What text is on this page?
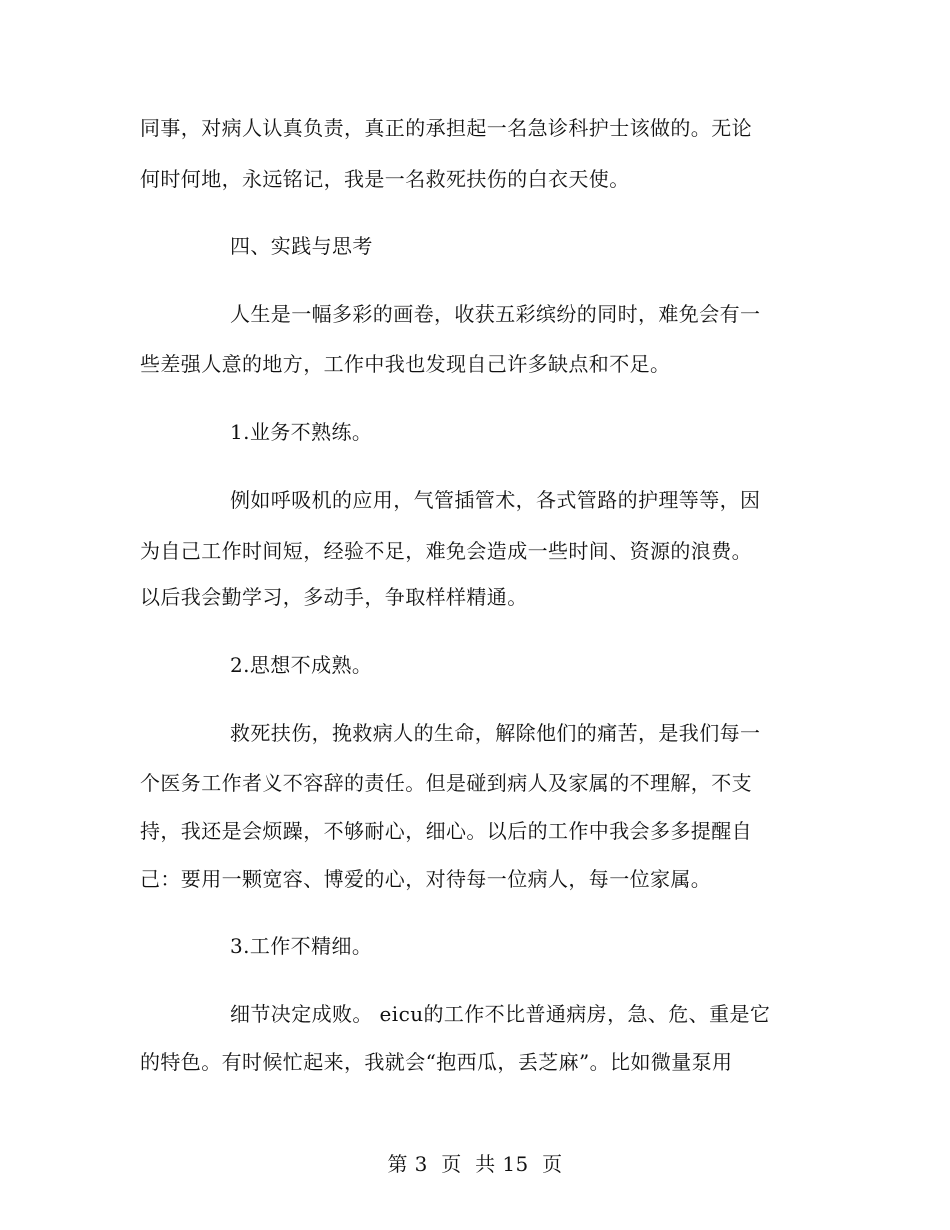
同事，对病人认真负责，真正的承担起一名急诊科护士该做的。无论
何时何地，永远铭记，我是一名救死扶伤的白衣天使。
四、实践与思考
人生是一幅多彩的画卷，收获五彩缤纷的同时，难免会有一
些差强人意的地方，工作中我也发现自己许多缺点和不足。
1.业务不熟练。
例如呼吸机的应用，气管插管术，各式管路的护理等等，因
为自己工作时间短，经验不足，难免会造成一些时间、资源的浪费。
以后我会勤学习，多动手，争取样样精通。
2.思想不成熟。
救死扶伤，挽救病人的生命，解除他们的痛苦，是我们每一
个医务工作者义不容辞的责任。但是碰到病人及家属的不理解，不支
持，我还是会烦躁，不够耐心，细心。以后的工作中我会多多提醒自
己：要用一颗宽容、博爱的心，对待每一位病人，每一位家属。
3.工作不精细。
细节决定成败。 eicu的工作不比普通病房，急、危、重是它
的特色。有时候忙起来，我就会“抱西瓜，丢芝麻”。比如微量泵用
第 3  页  共 15  页
